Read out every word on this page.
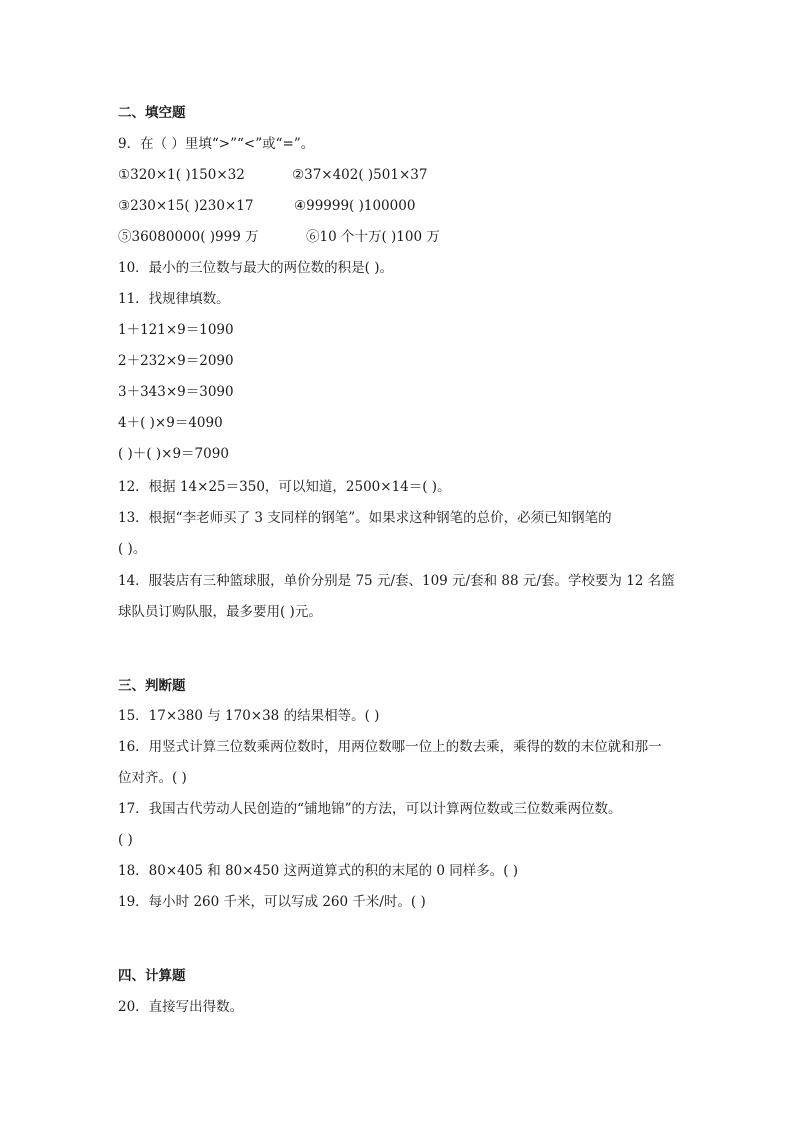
二、填空题
9．在（ ）里填“>”“<”或“=”。
①320×1( )150×32	②37×402( )501×37
③230×15( )230×17	④99999( )100000
⑤36080000( )999 万	⑥10 个十万( )100 万
10．最小的三位数与最大的两位数的积是( )。
11．找规律填数。
1＋121×9＝1090
2＋232×9＝2090
3＋343×9＝3090
4＋( )×9＝4090
( )＋( )×9＝7090
12．根据 14×25＝350，可以知道，2500×14＝( )。
13．根据“李老师买了 3 支同样的钢笔”。如果求这种钢笔的总价，必须已知钢笔的
( )。
14．服装店有三种篮球服，单价分别是 75 元/套、109 元/套和 88 元/套。学校要为 12 名篮
球队员订购队服，最多要用( )元。
三、判断题
15．17×380 与 170×38 的结果相等。( )
16．用竖式计算三位数乘两位数时，用两位数哪一位上的数去乘，乘得的数的末位就和那一
位对齐。( )
17．我国古代劳动人民创造的“铺地锦”的方法，可以计算两位数或三位数乘两位数。
( )
18．80×405 和 80×450 这两道算式的积的末尾的 0 同样多。( )
19．每小时 260 千米，可以写成 260 千米/时。( )
四、计算题
20．直接写出得数。
